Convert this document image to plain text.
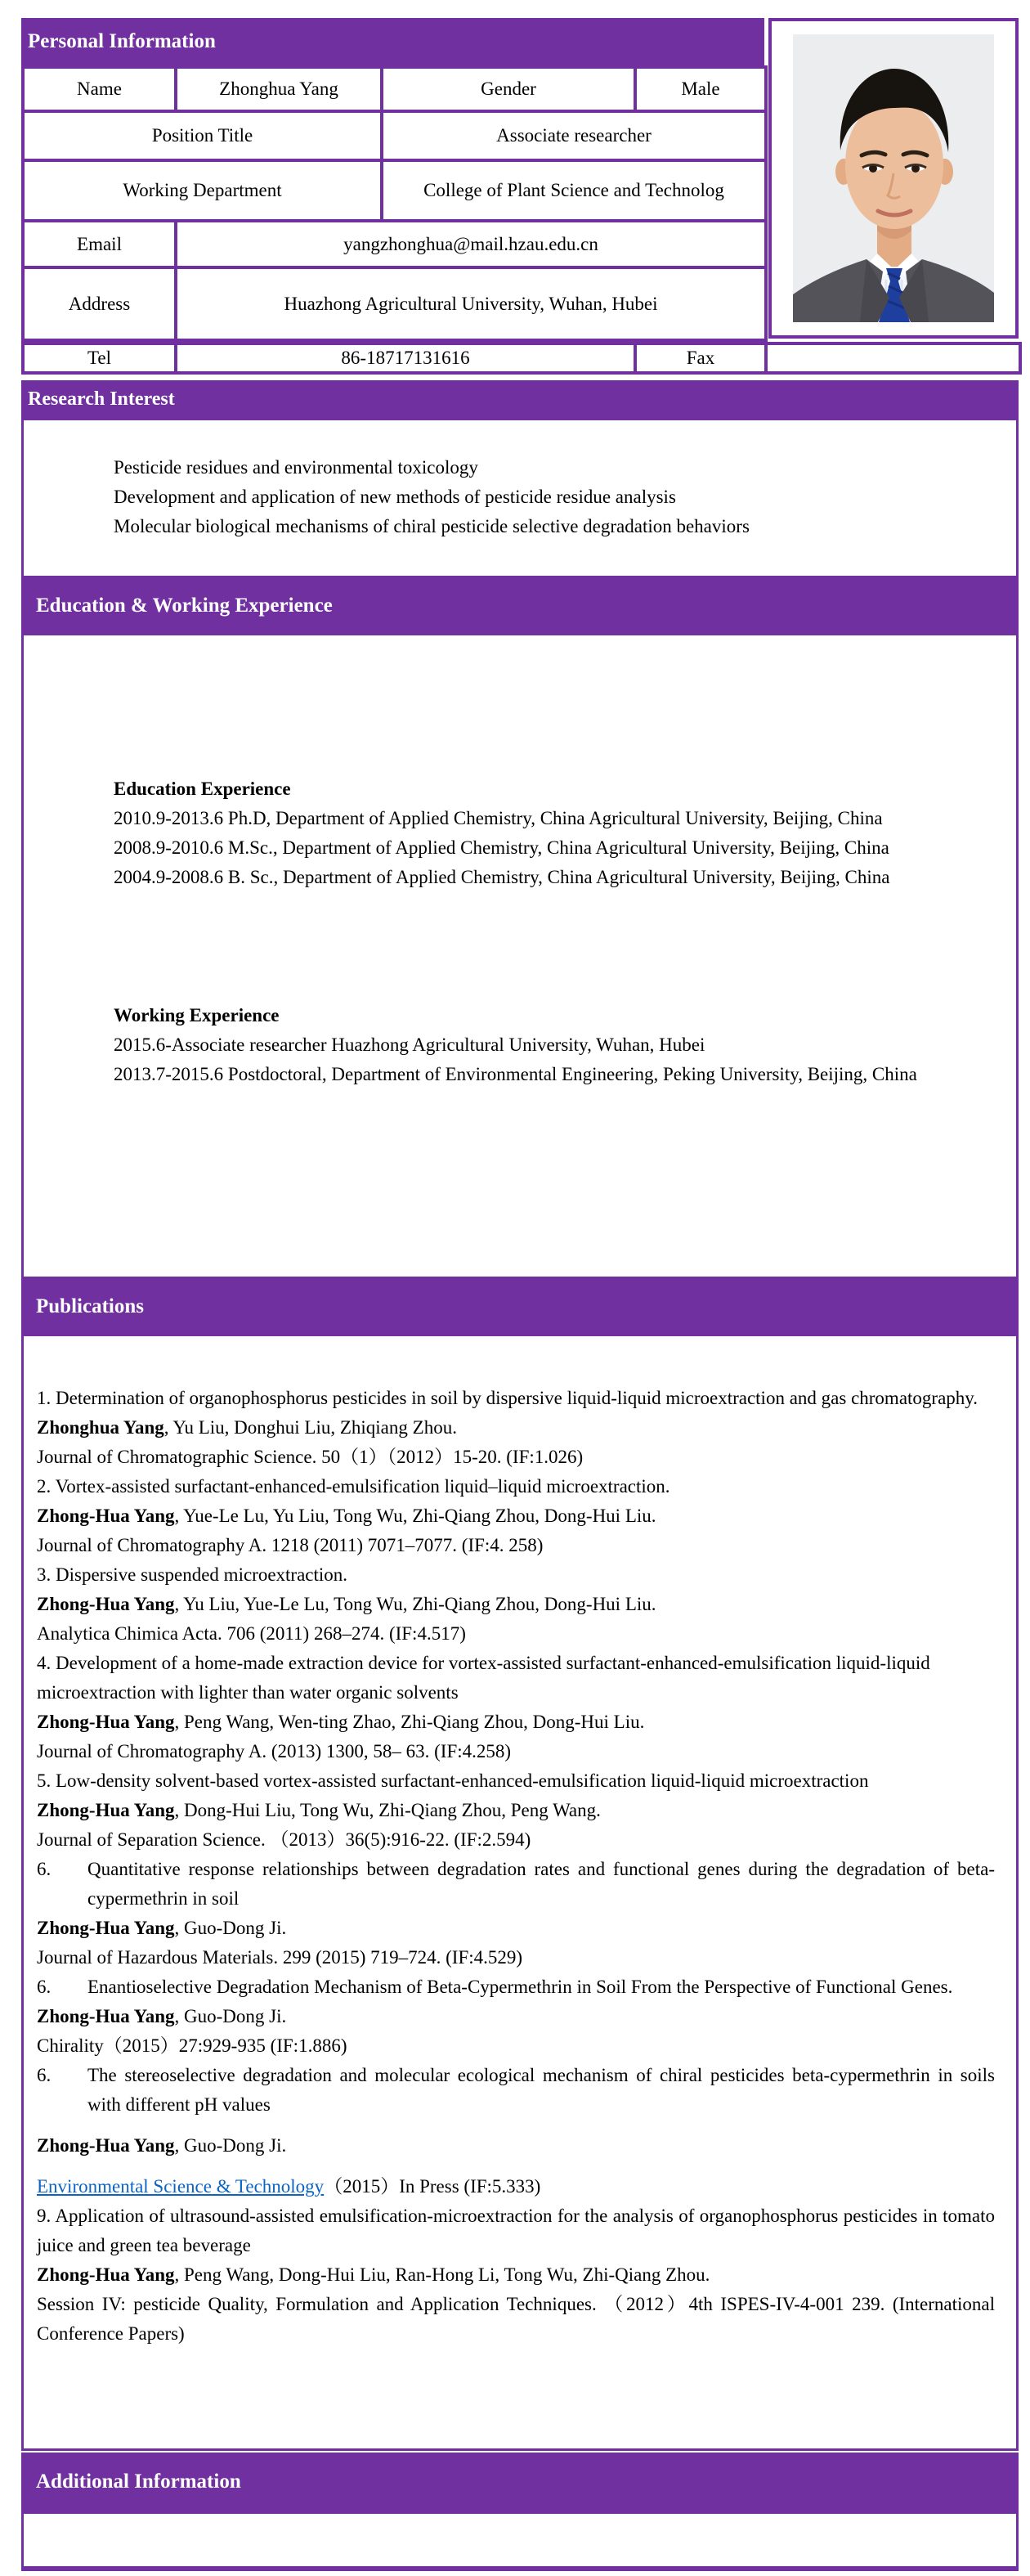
Personal Information
Name	Zhonghua Yang	Gender	Male
Position Title		Associate researcher	
Working Department		College of Plant Science and Technolog	
Email	yangzhonghua@mail.hzau.edu.cn		
Address	Huazhong Agricultural University, Wuhan, Hubei		
Tel	86-18717131616	Fax	
Research Interest
Pesticide residues and environmental toxicology
Development and application of new methods of pesticide residue analysis
Molecular biological mechanisms of chiral pesticide selective degradation behaviors
Education & Working Experience
Education Experience
2010.9-2013.6 Ph.D, Department of Applied Chemistry, China Agricultural University, Beijing, China
2008.9-2010.6 M.Sc., Department of Applied Chemistry, China Agricultural University, Beijing, China
2004.9-2008.6 B. Sc., Department of Applied Chemistry, China Agricultural University, Beijing, China
Working Experience
2015.6-Associate researcher Huazhong Agricultural University, Wuhan, Hubei
2013.7-2015.6 Postdoctoral, Department of Environmental Engineering, Peking University, Beijing, China
Publications

1. Determination of organophosphorus pesticides in soil by dispersive liquid-liquid microextraction and gas chromatography.

Zhonghua Yang, Yu Liu, Donghui Liu, Zhiqiang Zhou.

Journal of Chromatographic Science. 50（1）（2012）15-20. (IF:1.026)

2. Vortex-assisted surfactant-enhanced-emulsification liquid–liquid microextraction.

Zhong-Hua Yang, Yue-Le Lu, Yu Liu, Tong Wu, Zhi-Qiang Zhou, Dong-Hui Liu.

Journal of Chromatography A. 1218 (2011) 7071–7077. (IF:4. 258)

3. Dispersive suspended microextraction.

Zhong-Hua Yang, Yu Liu, Yue-Le Lu, Tong Wu, Zhi-Qiang Zhou, Dong-Hui Liu.

Analytica Chimica Acta. 706 (2011) 268–274. (IF:4.517)

4. Development of a home-made extraction device for vortex-assisted surfactant-enhanced-emulsification liquid-liquid microextraction with lighter than water organic solvents

Zhong-Hua Yang, Peng Wang, Wen-ting Zhao, Zhi-Qiang Zhou, Dong-Hui Liu.

Journal of Chromatography A. (2013) 1300, 58– 63. (IF:4.258)

5. Low-density solvent-based vortex-assisted surfactant-enhanced-emulsification liquid-liquid microextraction

Zhong-Hua Yang, Dong-Hui Liu, Tong Wu, Zhi-Qiang Zhou, Peng Wang.

Journal of Separation Science. （2013）36(5):916-22. (IF:2.594)

6. Quantitative response relationships between degradation rates and functional genes during the degradation of beta-cypermethrin in soil

Zhong-Hua Yang, Guo-Dong Ji.

Journal of Hazardous Materials. 299 (2015) 719–724. (IF:4.529)

6. Enantioselective Degradation Mechanism of Beta-Cypermethrin in Soil From the Perspective of Functional Genes.

Zhong-Hua Yang, Guo-Dong Ji.

Chirality（2015）27:929-935 (IF:1.886)

6. The stereoselective degradation and molecular ecological mechanism of chiral pesticides beta-cypermethrin in soils with different pH values

Zhong-Hua Yang, Guo-Dong Ji.

Environmental Science & Technology（2015）In Press (IF:5.333)

9. Application of ultrasound-assisted emulsification-microextraction for the analysis of organophosphorus pesticides in tomato juice and green tea beverage

Zhong-Hua Yang, Peng Wang, Dong-Hui Liu, Ran-Hong Li, Tong Wu, Zhi-Qiang Zhou.

Session IV: pesticide Quality, Formulation and Application Techniques. （2012）4th ISPES-IV-4-001 239. (International Conference Papers)

Additional Information
